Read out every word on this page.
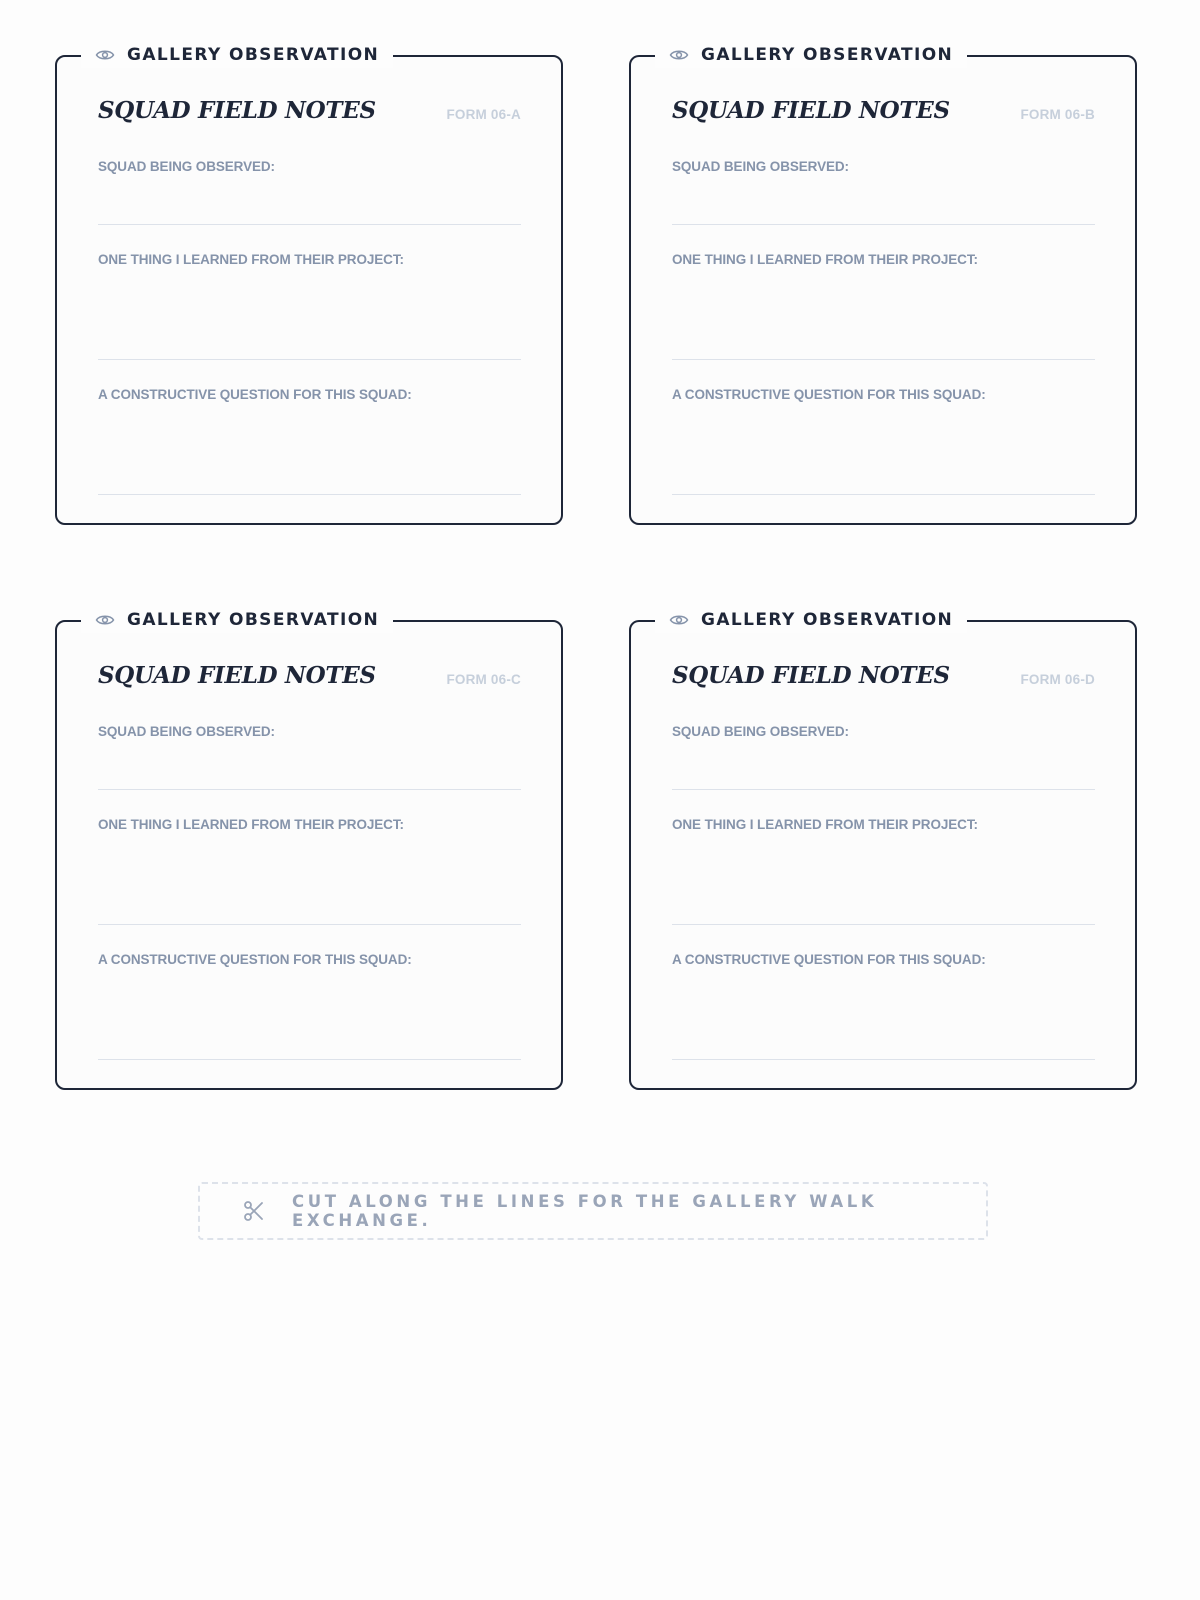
GALLERY OBSERVATION
SQUAD FIELD NOTES	FORM 06-A
SQUAD BEING OBSERVED:
ONE THING I LEARNED FROM THEIR PROJECT:
A CONSTRUCTIVE QUESTION FOR THIS SQUAD:
GALLERY OBSERVATION
SQUAD FIELD NOTES	FORM 06-B
SQUAD BEING OBSERVED:
ONE THING I LEARNED FROM THEIR PROJECT:
A CONSTRUCTIVE QUESTION FOR THIS SQUAD:
GALLERY OBSERVATION
SQUAD FIELD NOTES	FORM 06-C
SQUAD BEING OBSERVED:
ONE THING I LEARNED FROM THEIR PROJECT:
A CONSTRUCTIVE QUESTION FOR THIS SQUAD:
GALLERY OBSERVATION
SQUAD FIELD NOTES	FORM 06-D
SQUAD BEING OBSERVED:
ONE THING I LEARNED FROM THEIR PROJECT:
A CONSTRUCTIVE QUESTION FOR THIS SQUAD:
CUT ALONG THE LINES FOR THE GALLERY WALK EXCHANGE.
